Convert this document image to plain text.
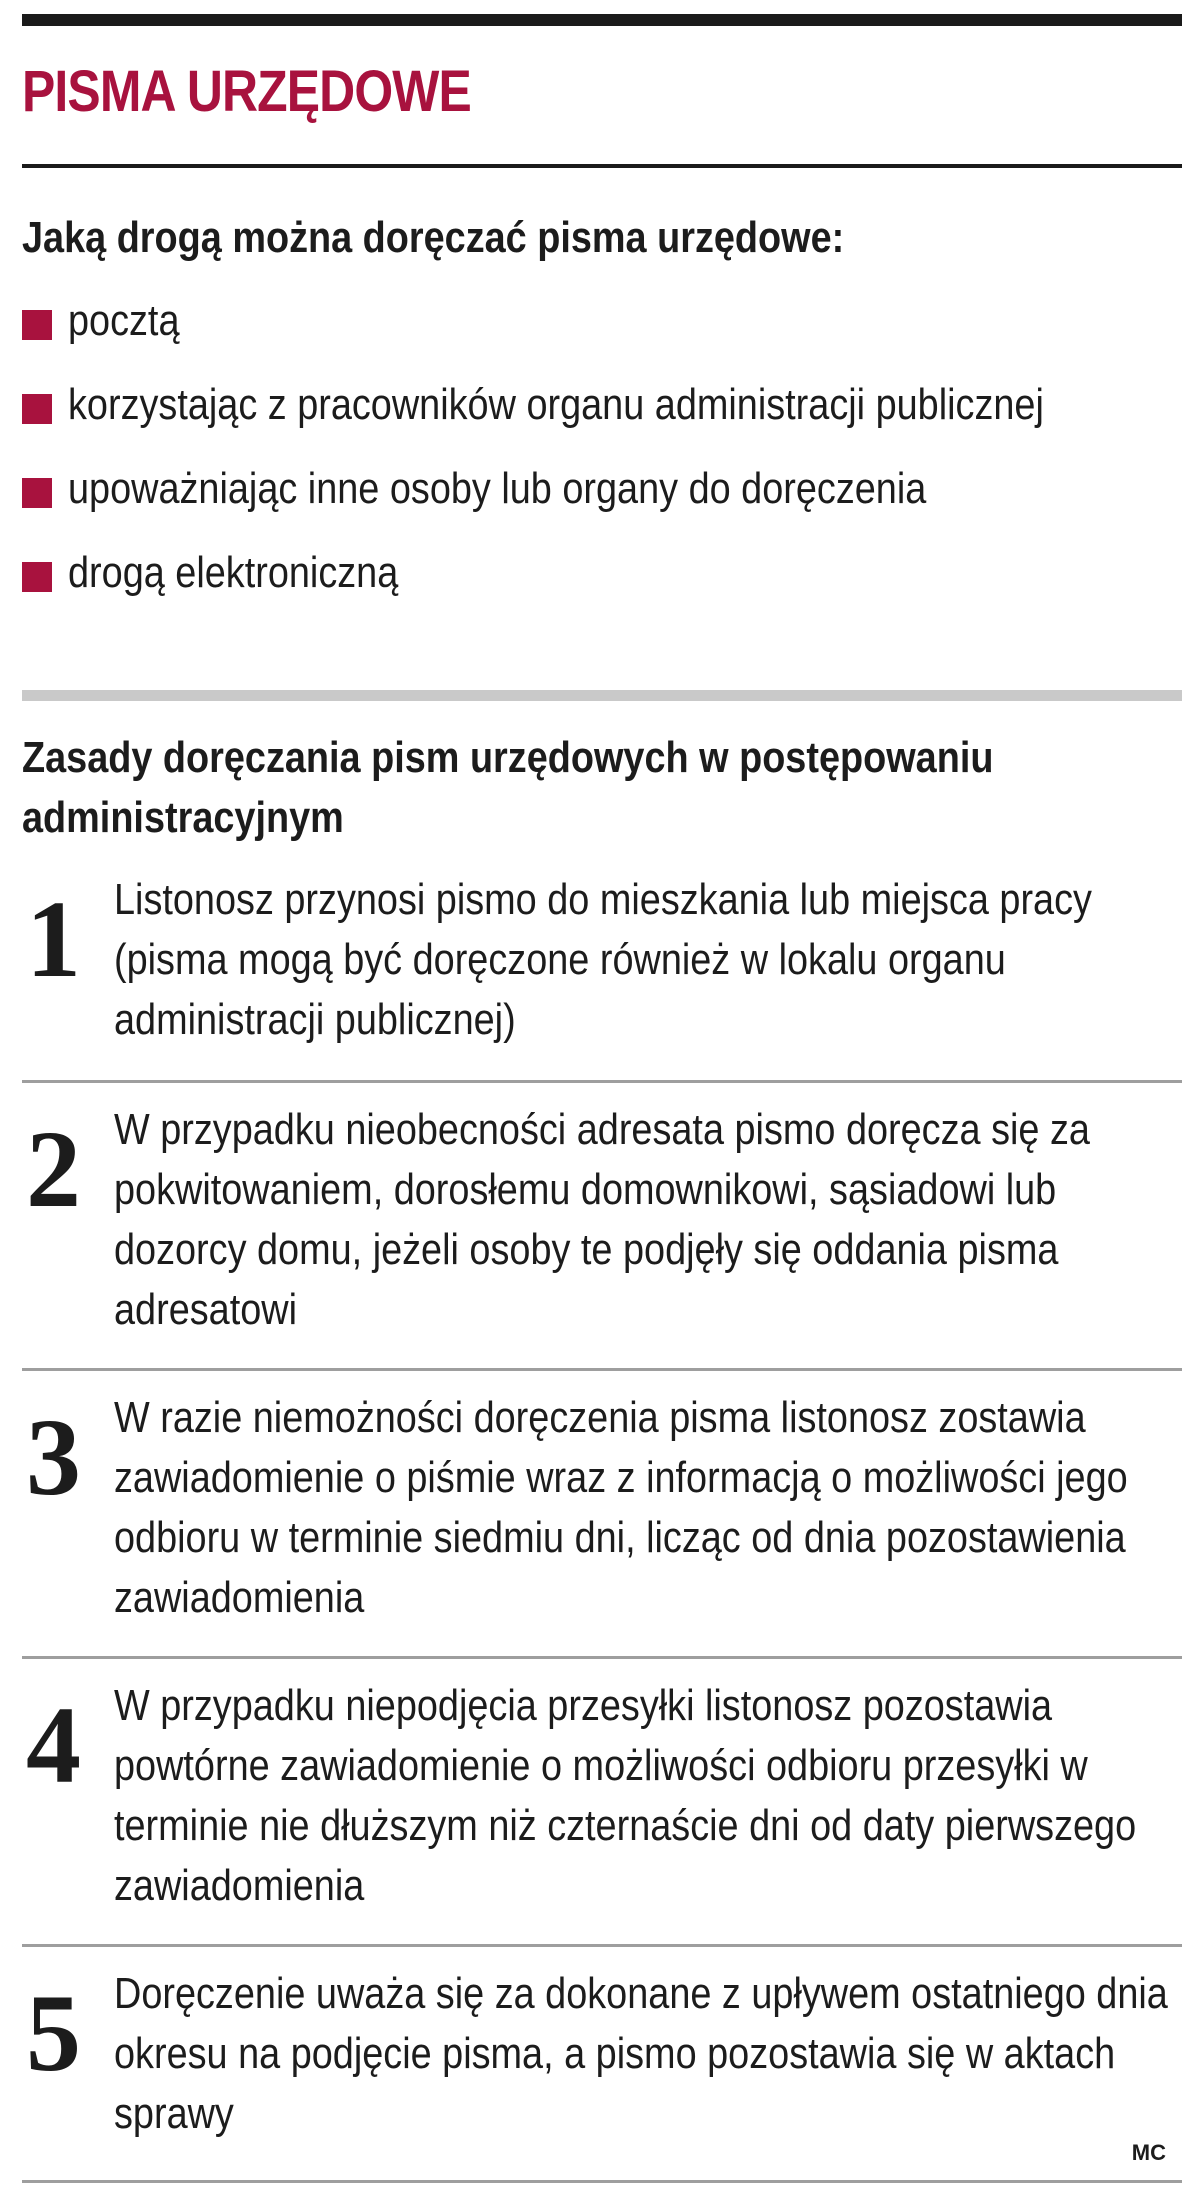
PISMA URZĘDOWE
Jaką drogą można doręczać pisma urzędowe:
pocztą
korzystając z pracowników organu administracji publicznej
upoważniając inne osoby lub organy do doręczenia
drogą elektroniczną
Zasady doręczania pism urzędowych w postępowaniu administracyjnym
1 Listonosz przynosi pismo do mieszkania lub miejsca pracy (pisma mogą być doręczone również w lokalu organu administracji publicznej)
2 W przypadku nieobecności adresata pismo doręcza się za pokwitowaniem, dorosłemu domownikowi, sąsiadowi lub dozorcy domu, jeżeli osoby te podjęły się oddania pisma adresatowi
3 W razie niemożności doręczenia pisma listonosz zostawia zawiadomienie o piśmie wraz z informacją o możliwości jego odbioru w terminie siedmiu dni, licząc od dnia pozostawienia zawiadomienia
4 W przypadku niepodjęcia przesyłki listonosz pozostawia powtórne zawiadomienie o możliwości odbioru przesyłki w terminie nie dłuższym niż czternaście dni od daty pierwszego zawiadomienia
5 Doręczenie uważa się za dokonane z upływem ostatniego dnia okresu na podjęcie pisma, a pismo pozostawia się w aktach sprawy
MC
